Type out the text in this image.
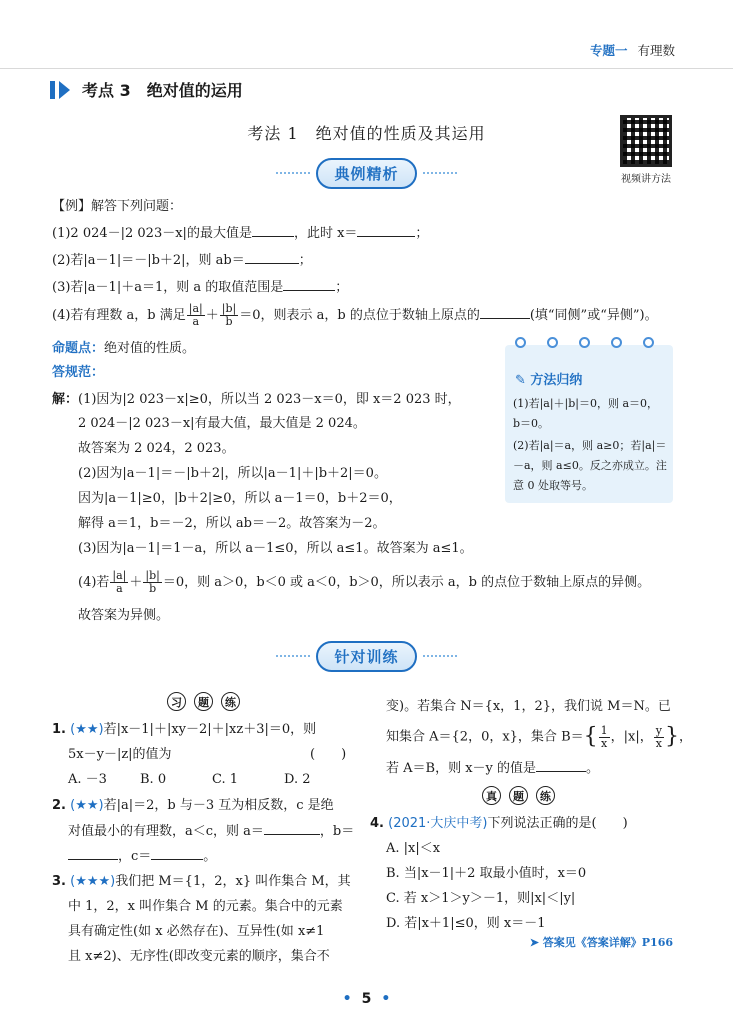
专题一 有理数
考点 3　绝对值的运用
考法 1　绝对值的性质及其运用
视频讲方法
典例精析
【例】解答下列问题：
(1)2 024－|2 023－x|的最大值是	，此时 x＝	；
(2)若|a－1|＝－|b＋2|，则 ab＝	；
(3)若|a－1|＋a＝1，则 a 的取值范围是	；
(4)若有理数 a，b 满足 $\frac{|a|}{a} + \frac{|b|}{b} =0$，则表示 a，b 的点位于数轴上原点的	(填“同侧”或“异侧”)。
命题点：绝对值的性质。
答规范：
解： (1)因为|2 023－x|≥0，所以当 2 023－x＝0，即 x＝2 023 时，
2 024－|2 023－x|有最大值，最大值是 2 024。
故答案为 2 024，2 023。
(2)因为|a－1|＝－|b＋2|，所以|a－1|＋|b＋2|＝0。
因为|a－1|≥0，|b＋2|≥0，所以 a－1＝0，b＋2＝0，
解得 a＝1，b＝－2，所以 ab＝－2。故答案为－2。
(3)因为|a－1|＝1－a，所以 a－1≤0，所以 a≤1。故答案为 a≤1。
(4)若 $\frac{|a|}{a} + \frac{|b|}{b} =0$，则 a＞0，b＜0 或 a＜0，b＞0，所以表示 a，b 的点位于数轴上原点的异侧。
故答案为异侧。
✎ 方法归纳
(1)若|a|＋|b|＝0，则 a＝0，
b＝0。
(2)若|a|＝a，则 a≥0；若|a|＝
－a，则 a≤0。反之亦成立。注
意 0 处取等号。
针对训练
习	题	练
1. (★★)若|x－1|＋|xy－2|＋|xz＋3|＝0，则
5x－y－|z|的值为	(　　)
A. －3	B. 0	C. 1	D. 2
2. (★★)若|a|＝2，b 与－3 互为相反数，c 是绝
对值最小的有理数，a＜c，则 a＝	，b＝
，c＝	。
3. (★★★)我们把 M＝{1，2，x} 叫作集合 M，其
中 1，2，x 叫作集合 M 的元素。集合中的元素
具有确定性(如 x 必然存在)、互异性(如 x≠1
且 x≠2)、无序性(即改变元素的顺序，集合不
变)。若集合 N＝{x，1，2}，我们说 M＝N。已
知集合 A＝{2，0，x}，集合 $B=\{ \frac{1}{x}$ ，|x|， $\frac{y}{x}$ }，
若 A＝B，则 x－y 的值是	。
真	题	练
4. (2021·大庆中考)下列说法正确的是(　　)
A. |x|＜x
B. 当|x－1|＋2 取最小值时，x＝0
C. 若 x＞1＞y＞－1，则|x|＜|y|
D. 若|x＋1|≤0，则 x＝－1
➤ 答案见《答案详解》P166
• 5 •
